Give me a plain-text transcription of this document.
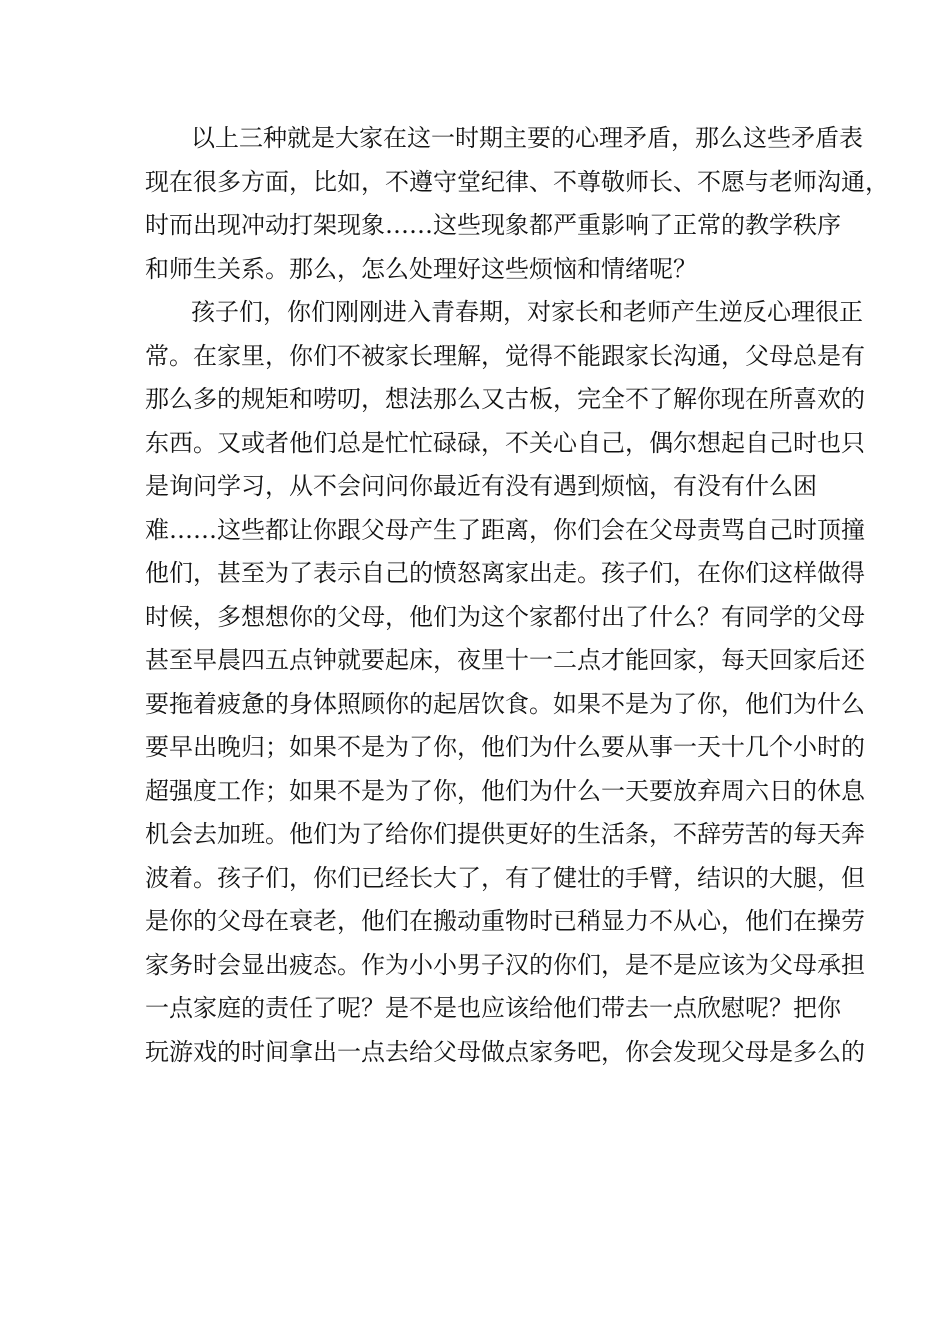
以上三种就是大家在这一时期主要的心理矛盾，那么这些矛盾表
现在很多方面，比如，不遵守堂纪律、不尊敬师长、不愿与老师沟通，
时而出现冲动打架现象……这些现象都严重影响了正常的教学秩序
和师生关系。那么，怎么处理好这些烦恼和情绪呢？
孩子们，你们刚刚进入青春期，对家长和老师产生逆反心理很正
常。在家里，你们不被家长理解，觉得不能跟家长沟通，父母总是有
那么多的规矩和唠叨，想法那么又古板，完全不了解你现在所喜欢的
东西。又或者他们总是忙忙碌碌，不关心自己，偶尔想起自己时也只
是询问学习，从不会问问你最近有没有遇到烦恼，有没有什么困
难……这些都让你跟父母产生了距离，你们会在父母责骂自己时顶撞
他们，甚至为了表示自己的愤怒离家出走。孩子们，在你们这样做得
时候，多想想你的父母，他们为这个家都付出了什么？有同学的父母
甚至早晨四五点钟就要起床，夜里十一二点才能回家，每天回家后还
要拖着疲惫的身体照顾你的起居饮食。如果不是为了你，他们为什么
要早出晚归；如果不是为了你，他们为什么要从事一天十几个小时的
超强度工作；如果不是为了你，他们为什么一天要放弃周六日的休息
机会去加班。他们为了给你们提供更好的生活条，不辞劳苦的每天奔
波着。孩子们，你们已经长大了，有了健壮的手臂，结识的大腿，但
是你的父母在衰老，他们在搬动重物时已稍显力不从心，他们在操劳
家务时会显出疲态。作为小小男子汉的你们，是不是应该为父母承担
一点家庭的责任了呢？是不是也应该给他们带去一点欣慰呢？把你
玩游戏的时间拿出一点去给父母做点家务吧，你会发现父母是多么的
